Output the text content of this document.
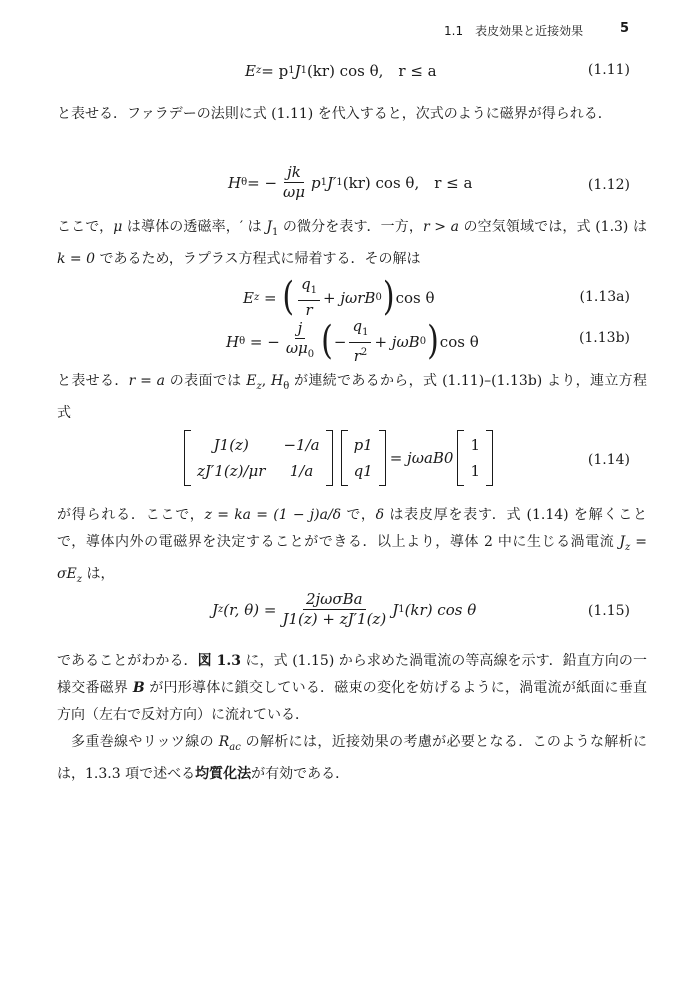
1.1　表皮効果と近接効果	5
E z = p 1 J 1 (kr) cos θ,　r ≤ a	(1.11)
と表せる．ファラデーの法則に式 (1.11) を代入すると，次式のように磁界が得られる．
H θ = − $\frac{jk}{\omega\mu}$ p 1 J′ 1 (kr) cos θ,　r ≤ a	(1.12)
ここで，μ は導体の透磁率，′ は $J_1$ の微分を表す．一方，r > a の空気領域では，式 (1.3) は k = 0 であるため，ラプラス方程式に帰着する．その解は
E z = ( $\frac{q_1}{r} + j\omega rB$ 0 ) cos θ	(1.13a)
H θ = − $\frac{j}{\omega\mu_0}$ ( − $\frac{q_1}{r^2} + j\omega B$ 0 ) cos θ	(1.13b)
と表せる．r = a の表面では $E_z$, $H_\theta$ が連続であるから，式 (1.11)–(1.13b) より，連立方程式
J1(z)	−1/a
zJ′1(z)/μr	1/a
p1
q1
= jωaB0
1
1
(1.14)
が得られる．ここで，z = ka = (1 − j)a/δ で，δ は表皮厚を表す．式 (1.14) を解くことで，導体内外の電磁界を決定することができる．以上より，導体 2 中に生じる渦電流 $J_z = \sigma E_z$ は，
J z (r, $\theta) = \frac{\text{2jωσBa}}{J1(z) + zJ'1(z)}$ J 1 (kr) cos θ	(1.15)
であることがわかる．図 1.3 に，式 (1.15) から求めた渦電流の等高線を示す．鉛直方向の一様交番磁界 B が円形導体に鎖交している．磁束の変化を妨げるように，渦電流が紙面に垂直方向（左右で反対方向）に流れている．
多重巻線やリッツ線の $R_{ac}$ の解析には，近接効果の考慮が必要となる．このような解析には，1.3.3 項で述べる均質化法が有効である．
